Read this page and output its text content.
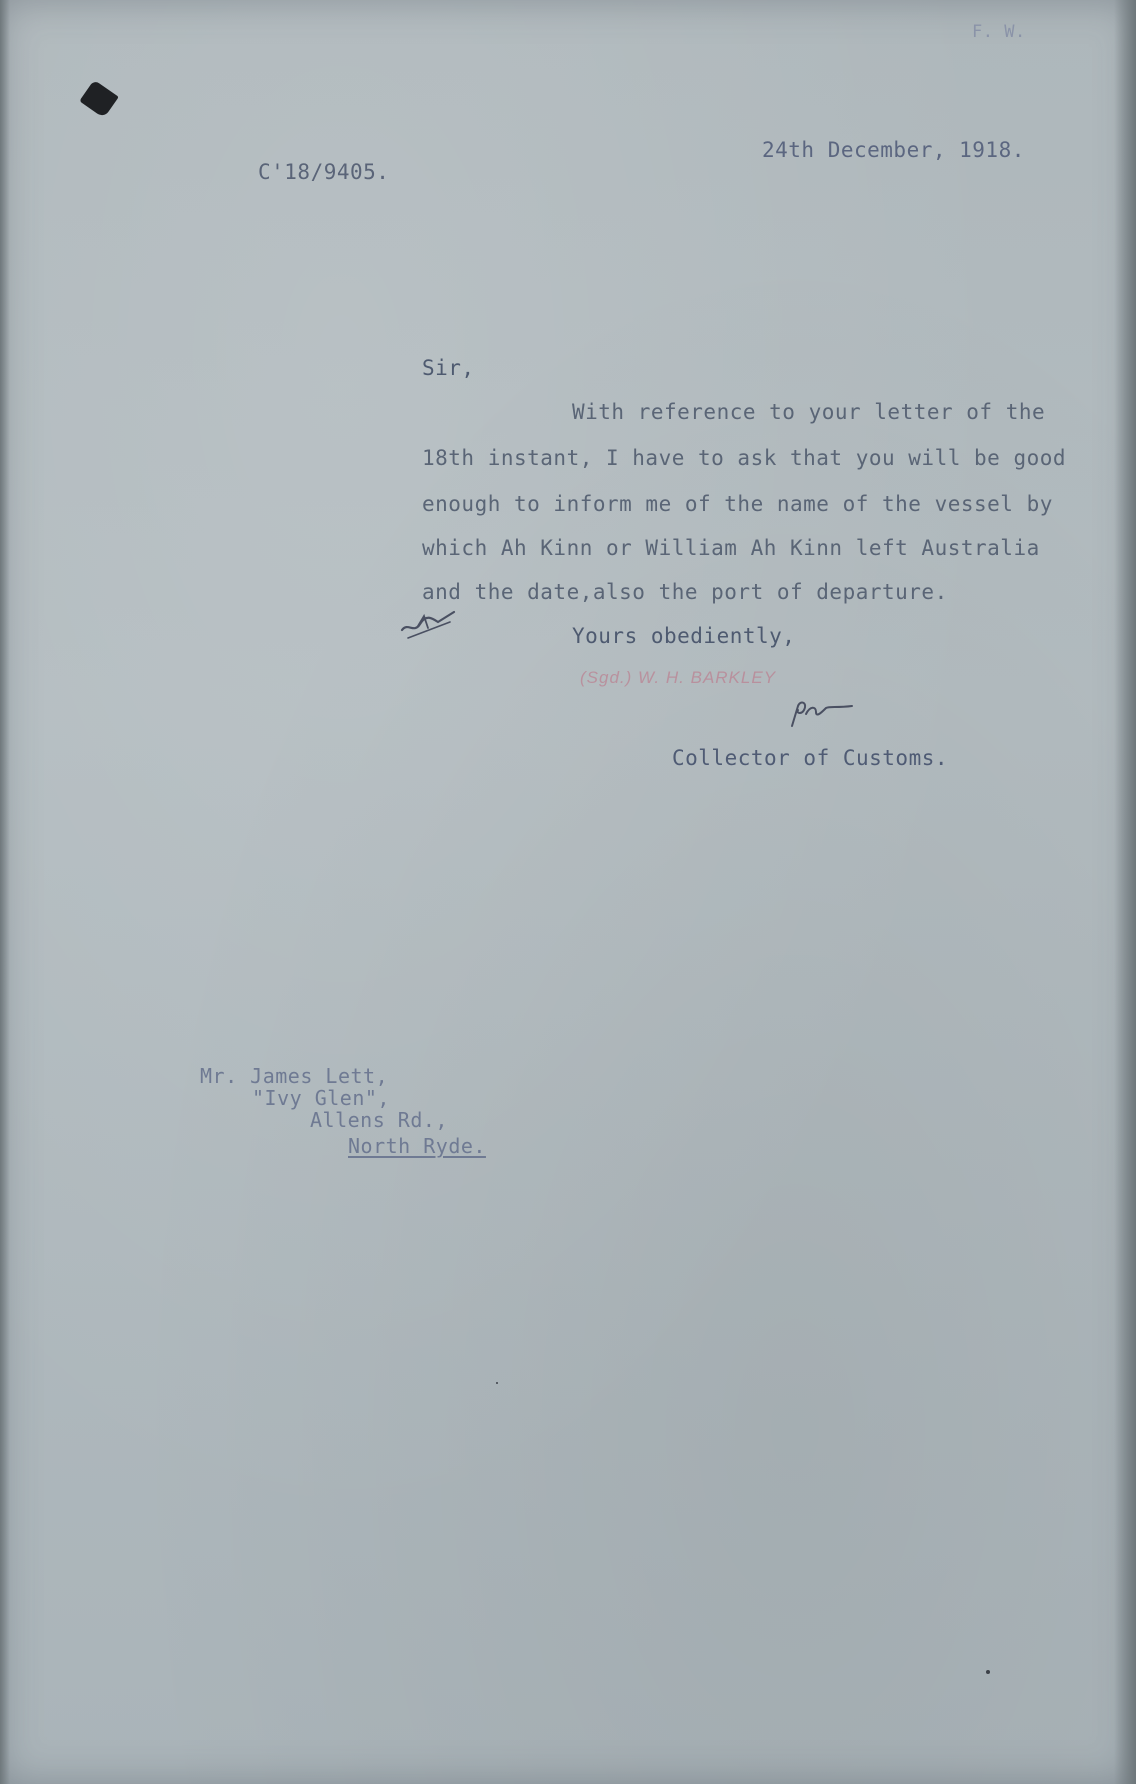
F. W.
C'18/9405.
24th December, 1918.
Sir,
With reference to your letter of the
18th instant, I have to ask that you will be good
enough to inform me of the name of the vessel by
which Ah Kinn or William Ah Kinn left Australia
and the date,also the port of departure.
Yours obediently,
(Sgd.) W. H. BARKLEY
Collector of Customs.
Mr. James Lett,
"Ivy Glen",
Allens Rd.,
North Ryde.
